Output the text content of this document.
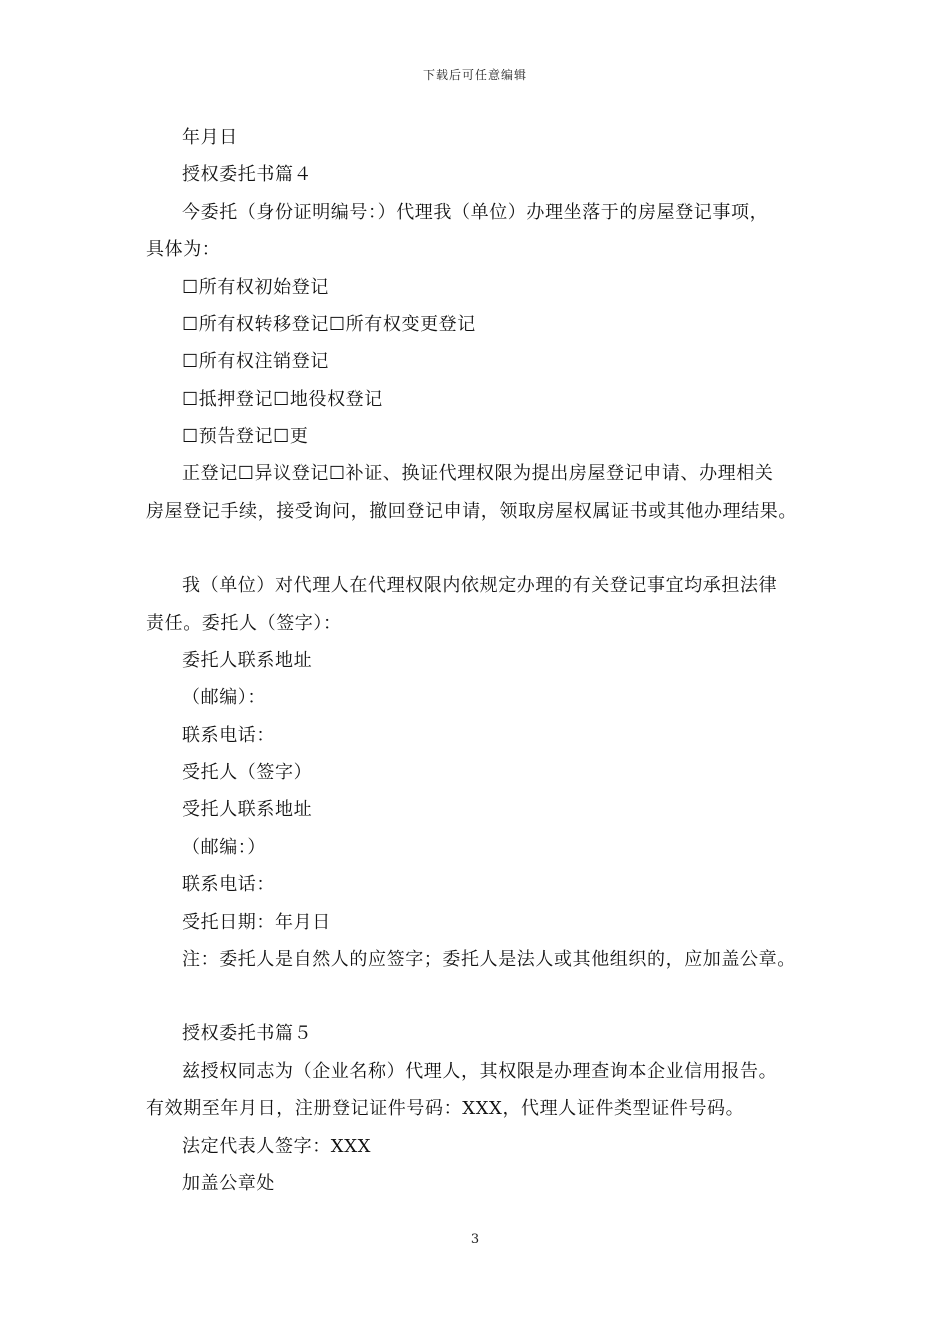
下载后可任意编辑
年月日
授权委托书篇４
今委托（身份证明编号：）代理我（单位）办理坐落于的房屋登记事项，
具体为：
☐所有权初始登记
☐所有权转移登记☐所有权变更登记
☐所有权注销登记
☐抵押登记☐地役权登记
☐预告登记☐更
正登记☐异议登记☐补证、换证代理权限为提出房屋登记申请、办理相关
房屋登记手续，接受询问，撤回登记申请，领取房屋权属证书或其他办理结果。
我（单位）对代理人在代理权限内依规定办理的有关登记事宜均承担法律
责任。委托人（签字）：
委托人联系地址
（邮编）：
联系电话：
受托人（签字）
受托人联系地址
（邮编：）
联系电话：
受托日期：年月日
注：委托人是自然人的应签字；委托人是法人或其他组织的，应加盖公章。
授权委托书篇５
兹授权同志为（企业名称）代理人，其权限是办理查询本企业信用报告。
有效期至年月日，注册登记证件号码：XXX，代理人证件类型证件号码。
法定代表人签字：XXX
加盖公章处
3
